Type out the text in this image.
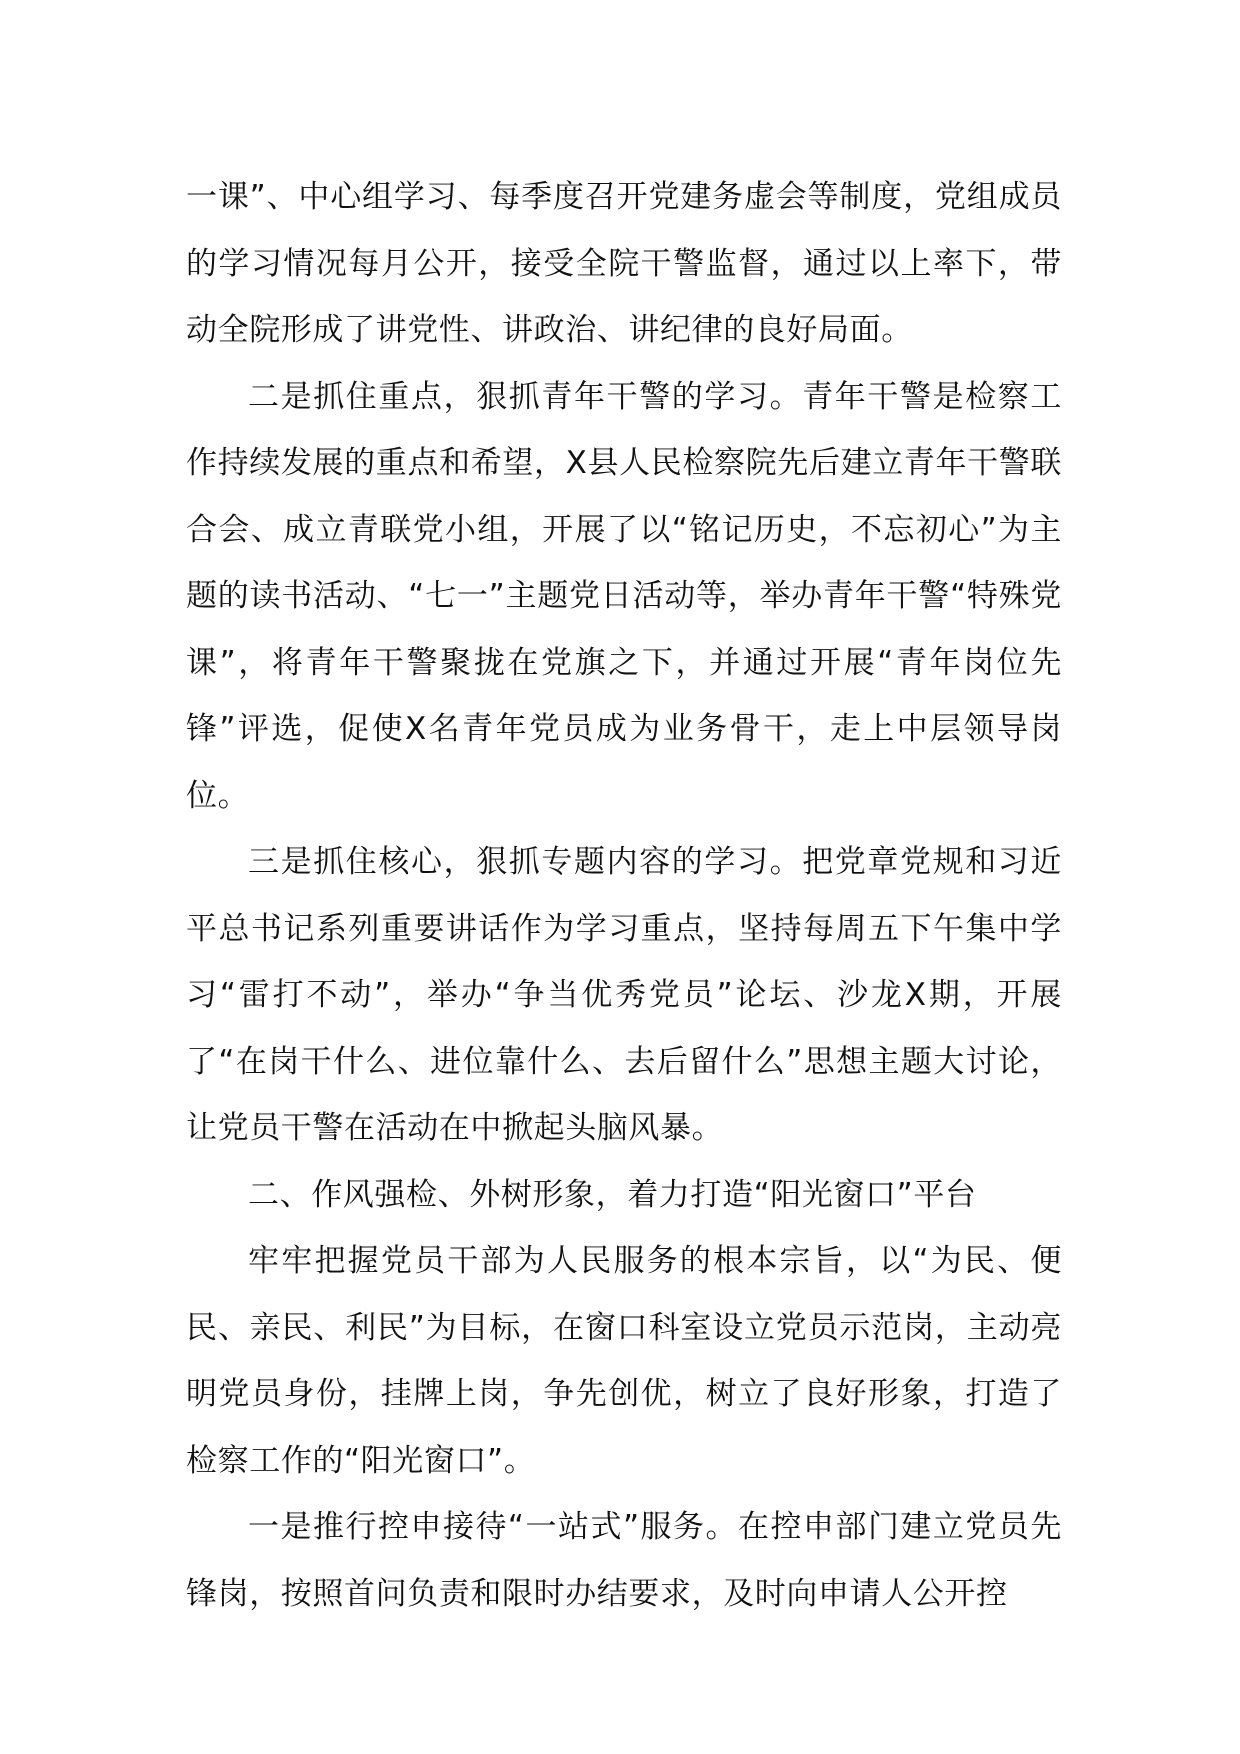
一课”、中心组学习、每季度召开党建务虚会等制度，党组成员的学习情况每月公开，接受全院干警监督，通过以上率下，带动全院形成了讲党性、讲政治、讲纪律的良好局面。

二是抓住重点，狠抓青年干警的学习。青年干警是检察工作持续发展的重点和希望，X县人民检察院先后建立青年干警联合会、成立青联党小组，开展了以“铭记历史，不忘初心”为主题的读书活动、“七一”主题党日活动等，举办青年干警“特殊党课”，将青年干警聚拢在党旗之下，并通过开展“青年岗位先锋”评选，促使X名青年党员成为业务骨干，走上中层领导岗位。

三是抓住核心，狠抓专题内容的学习。把党章党规和习近平总书记系列重要讲话作为学习重点，坚持每周五下午集中学习“雷打不动”，举办“争当优秀党员”论坛、沙龙X期，开展了“在岗干什么、进位靠什么、去后留什么”思想主题大讨论，让党员干警在活动在中掀起头脑风暴。

二、作风强检、外树形象，着力打造“阳光窗口”平台

牢牢把握党员干部为人民服务的根本宗旨，以“为民、便民、亲民、利民”为目标，在窗口科室设立党员示范岗，主动亮明党员身份，挂牌上岗，争先创优，树立了良好形象，打造了检察工作的“阳光窗口”。

一是推行控申接待“一站式”服务。在控申部门建立党员先锋岗，按照首问负责和限时办结要求，及时向申请人公开控
